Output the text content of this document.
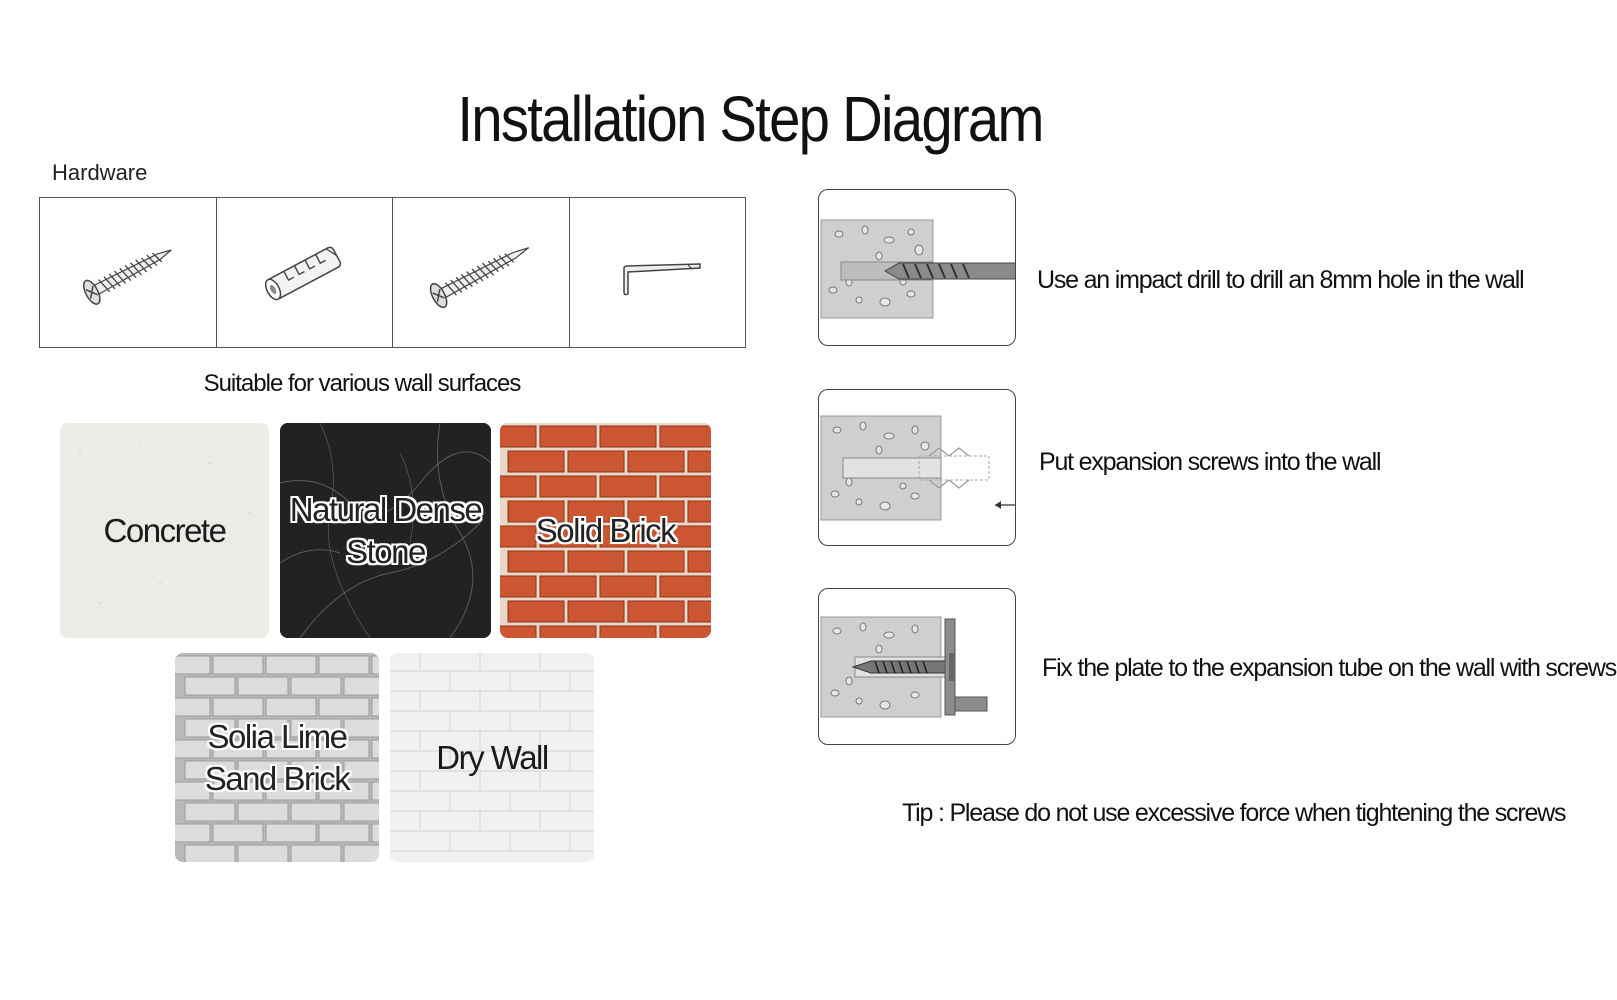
Installation Step Diagram
Hardware
Suitable for various wall surfaces
Concrete
Natural Dense
Stone
Solid Brick
Solia Lime
Sand Brick
Dry Wall
Use an impact drill to drill an 8mm hole in the wall
Put expansion screws into the wall
Fix the plate to the expansion tube on the wall with screws
Tip : Please do not use excessive force when tightening the screws
